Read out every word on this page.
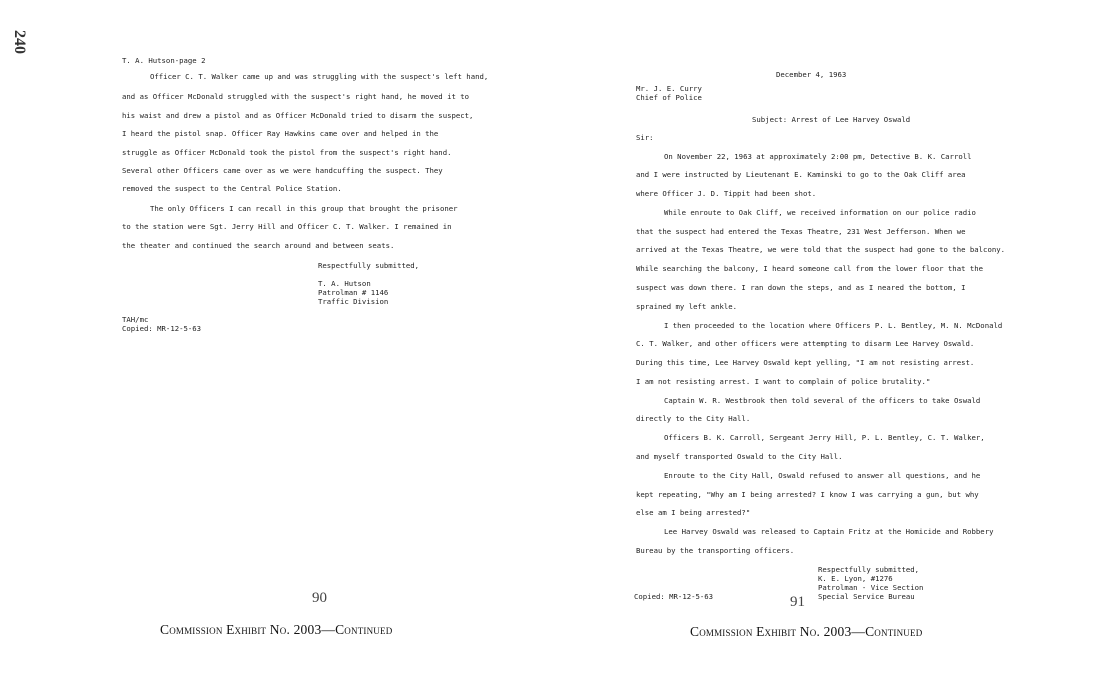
240
T. A. Hutson-page 2
Officer C. T. Walker came up and was struggling with the suspect's left hand,
and as Officer McDonald struggled with the suspect's right hand, he moved it to
his waist and drew a pistol and as Officer McDonald tried to disarm the suspect,
I heard the pistol snap. Officer Ray Hawkins came over and helped in the
struggle as Officer McDonald took the pistol from the suspect's right hand.
Several other Officers came over as we were handcuffing the suspect. They
removed the suspect to the Central Police Station.
The only Officers I can recall in this group that brought the prisoner
to the station were Sgt. Jerry Hill and Officer C. T. Walker. I remained in
the theater and continued the search around and between seats.
Respectfully submitted,
T. A. Hutson
Patrolman # 1146
Traffic Division
TAH/mc
Copied: MR-12-5-63
90
Commission Exhibit No. 2003—Continued
December 4, 1963
Mr. J. E. Curry
Chief of Police
Subject: Arrest of Lee Harvey Oswald
Sir:
On November 22, 1963 at approximately 2:00 pm, Detective B. K. Carroll
and I were instructed by Lieutenant E. Kaminski to go to the Oak Cliff area
where Officer J. D. Tippit had been shot.
While enroute to Oak Cliff, we received information on our police radio
that the suspect had entered the Texas Theatre, 231 West Jefferson. When we
arrived at the Texas Theatre, we were told that the suspect had gone to the balcony.
While searching the balcony, I heard someone call from the lower floor that the
suspect was down there. I ran down the steps, and as I neared the bottom, I
sprained my left ankle.
I then proceeded to the location where Officers P. L. Bentley, M. N. McDonald
C. T. Walker, and other officers were attempting to disarm Lee Harvey Oswald.
During this time, Lee Harvey Oswald kept yelling, "I am not resisting arrest.
I am not resisting arrest. I want to complain of police brutality."
Captain W. R. Westbrook then told several of the officers to take Oswald
directly to the City Hall.
Officers B. K. Carroll, Sergeant Jerry Hill, P. L. Bentley, C. T. Walker,
and myself transported Oswald to the City Hall.
Enroute to the City Hall, Oswald refused to answer all questions, and he
kept repeating, "Why am I being arrested? I know I was carrying a gun, but why
else am I being arrested?"
Lee Harvey Oswald was released to Captain Fritz at the Homicide and Robbery
Bureau by the transporting officers.
Respectfully submitted,
K. E. Lyon, #1276
Patrolman - Vice Section
Special Service Bureau
Copied: MR-12-5-63	91
Commission Exhibit No. 2003—Continued
